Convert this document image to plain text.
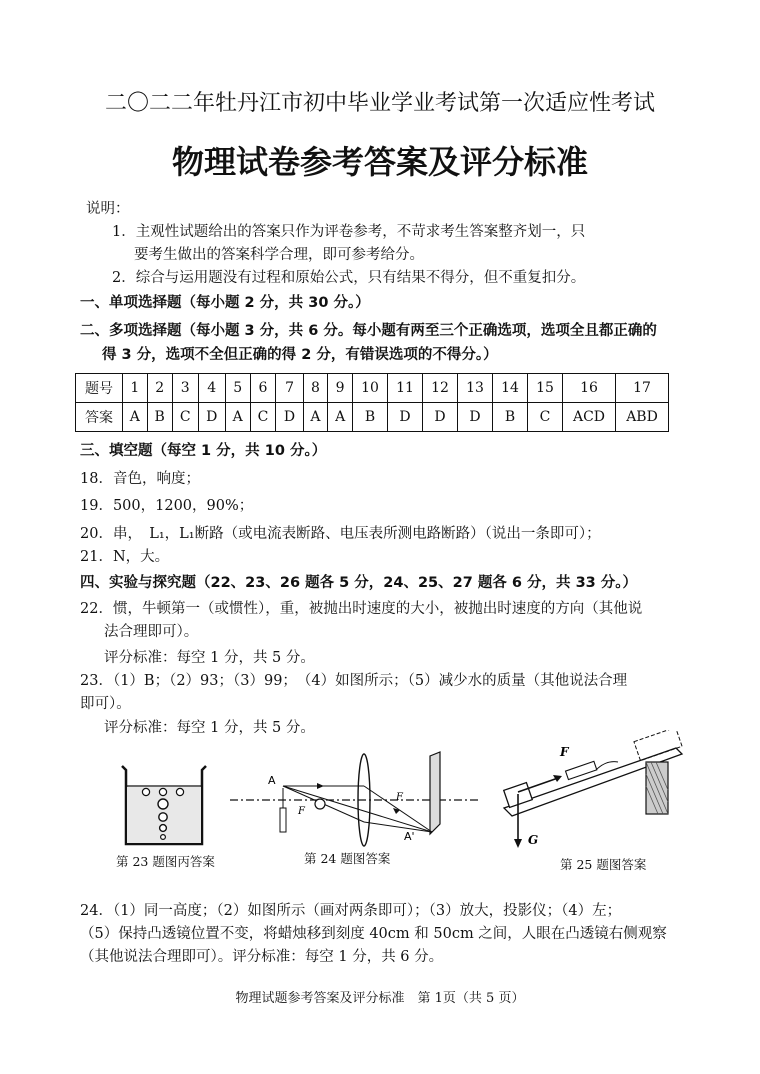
二〇二二年牡丹江市初中毕业学业考试第一次适应性考试
物理试卷参考答案及评分标准
说明：
1．主观性试题给出的答案只作为评卷参考，不苛求考生答案整齐划一，只
要考生做出的答案科学合理，即可参考给分。
2．综合与运用题没有过程和原始公式，只有结果不得分，但不重复扣分。
一、单项选择题（每小题 2 分，共 30 分。）
二、多项选择题（每小题 3 分，共 6 分。每小题有两至三个正确选项，选项全且都正确的
得 3 分，选项不全但正确的得 2 分，有错误选项的不得分。）
题号	1	2	3	4	5	6	7	8	9	10	11	12	13	14	15	16	17
答案	A	B	C	D	A	C	D	A	A	B	D	D	D	B	C	ACD	ABD
三、填空题（每空 1 分，共 10 分。）
18．音色，响度；
19．500，1200，90%；
20．串，　L₁，L₁断路（或电流表断路、电压表所测电路断路）（说出一条即可）；
21．N，大。
四、实验与探究题（22、23、26 题各 5 分，24、25、27 题各 6 分，共 33 分。）
22．惯，牛顿第一（或惯性），重，被抛出时速度的大小，被抛出时速度的方向（其他说
法合理即可）。
评分标准：每空 1 分，共 5 分。
23．（1）B；（2）93；（3）99；　（4）如图所示；（5）减少水的质量（其他说法合理
即可）。
评分标准：每空 1 分，共 5 分。
第 23 题图丙答案
A
F
F
A'
第 24 题图答案
F
G
第 25 题图答案
24．（1）同一高度；（2）如图所示（画对两条即可）；（3）放大，投影仪；（4）左；
（5）保持凸透镜位置不变，将蜡烛移到刻度 40cm 和 50cm 之间，人眼在凸透镜右侧观察
（其他说法合理即可）。评分标准：每空 1 分，共 6 分。
物理试题参考答案及评分标准　第 1页（共 5 页）
